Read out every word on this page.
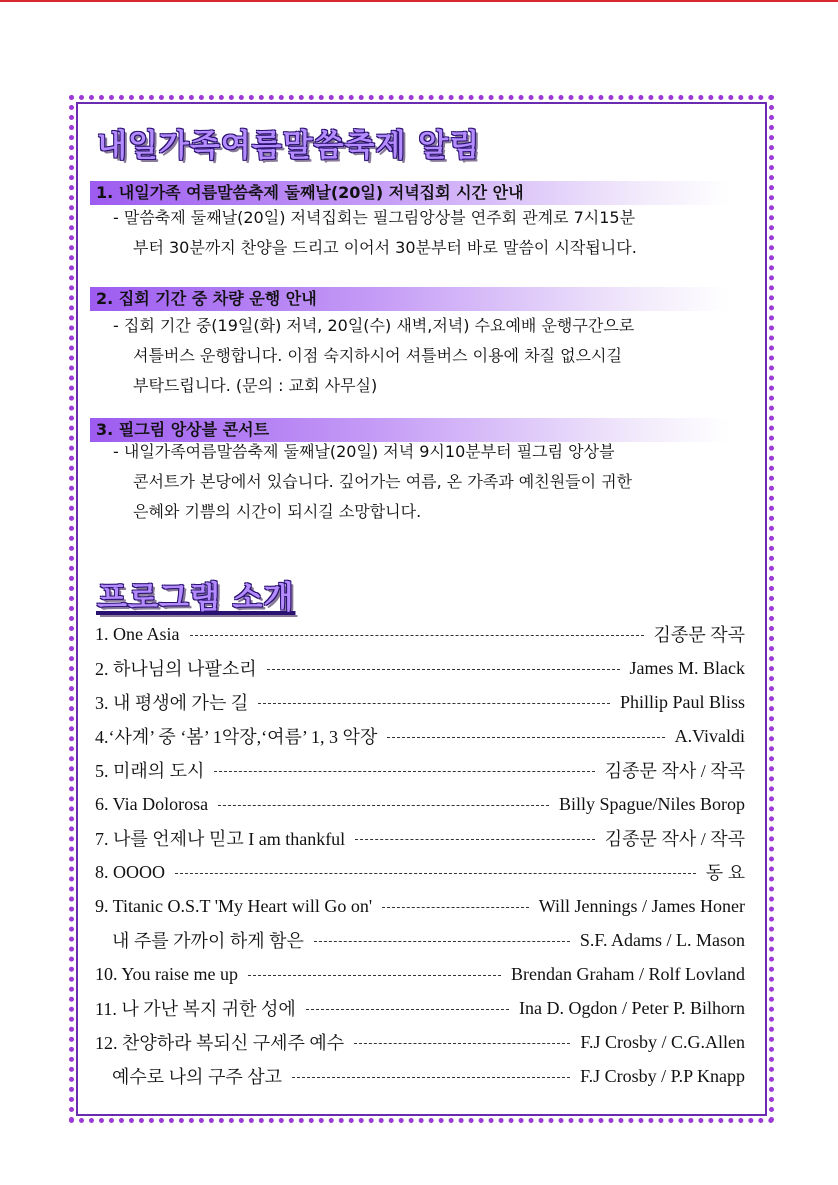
내일가족여름말씀축제 알림
1. 내일가족 여름말씀축제 둘째날(20일) 저녁집회 시간 안내
- 말씀축제 둘째날(20일) 저녁집회는 필그림앙상블 연주회 관계로 7시15분
부터 30분까지 찬양을 드리고 이어서 30분부터 바로 말씀이 시작됩니다.
2. 집회 기간 중 차량 운행 안내
- 집회 기간 중(19일(화) 저녁, 20일(수) 새벽,저녁) 수요예배 운행구간으로
셔틀버스 운행합니다. 이점 숙지하시어 셔틀버스 이용에 차질 없으시길
부탁드립니다. (문의 : 교회 사무실)
3. 필그림 앙상블 콘서트
- 내일가족여름말씀축제 둘째날(20일) 저녁 9시10분부터 필그림 앙상블
콘서트가 본당에서 있습니다. 깊어가는 여름, 온 가족과 예친원들이 귀한
은혜와 기쁨의 시간이 되시길 소망합니다.
프로그램 소개
1. One Asia	김종문 작곡
2. 하나님의 나팔소리	James M. Black
3. 내 평생에 가는 길	Phillip Paul Bliss
4.‘사계’ 중 ‘봄’ 1악장,‘여름’ 1, 3 악장	A.Vivaldi
5. 미래의 도시	김종문 작사 / 작곡
6. Via Dolorosa	Billy Spague/Niles Borop
7. 나를 언제나 믿고 I am thankful	김종문 작사 / 작곡
8. OOOO	동 요
9. Titanic O.S.T 'My Heart will Go on'	Will Jennings / James Honer
내 주를 가까이 하게 함은	S.F. Adams / L. Mason
10. You raise me up	Brendan Graham / Rolf Lovland
11. 나 가난 복지 귀한 성에	Ina D. Ogdon / Peter P. Bilhorn
12. 찬양하라 복되신 구세주 예수	F.J Crosby / C.G.Allen
예수로 나의 구주 삼고	F.J Crosby / P.P Knapp
